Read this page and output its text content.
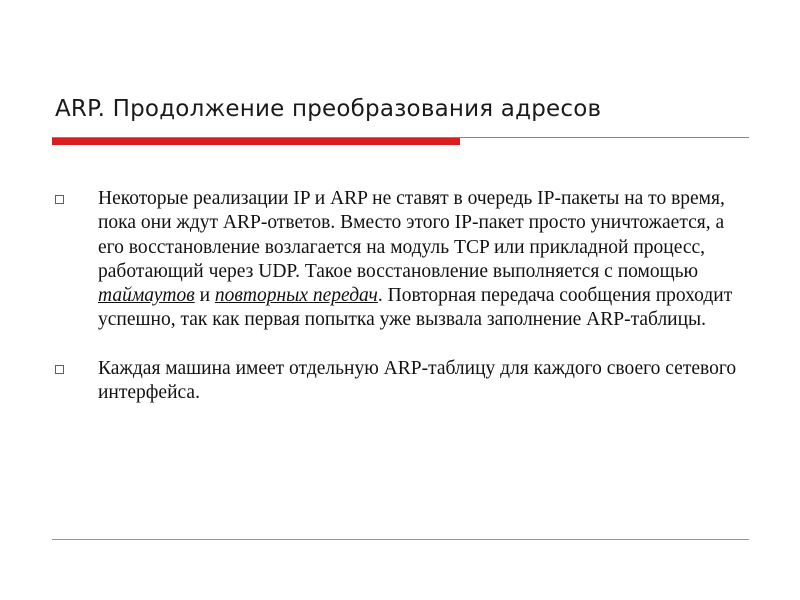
ARP. Продолжение преобразования адресов
Некоторые реализации IP и ARP не ставят в очередь IP-пакеты на то время, пока они ждут ARP-ответов. Вместо этого IP-пакет просто уничтожается, а его восстановление возлагается на модуль TCP или прикладной процесс, работающий через UDP. Такое восстановление выполняется с помощью таймаутов и повторных передач. Повторная передача сообщения проходит успешно, так как первая попытка уже вызвала заполнение ARP-таблицы.
Каждая машина имеет отдельную ARP-таблицу для каждого своего сетевого интерфейса.
